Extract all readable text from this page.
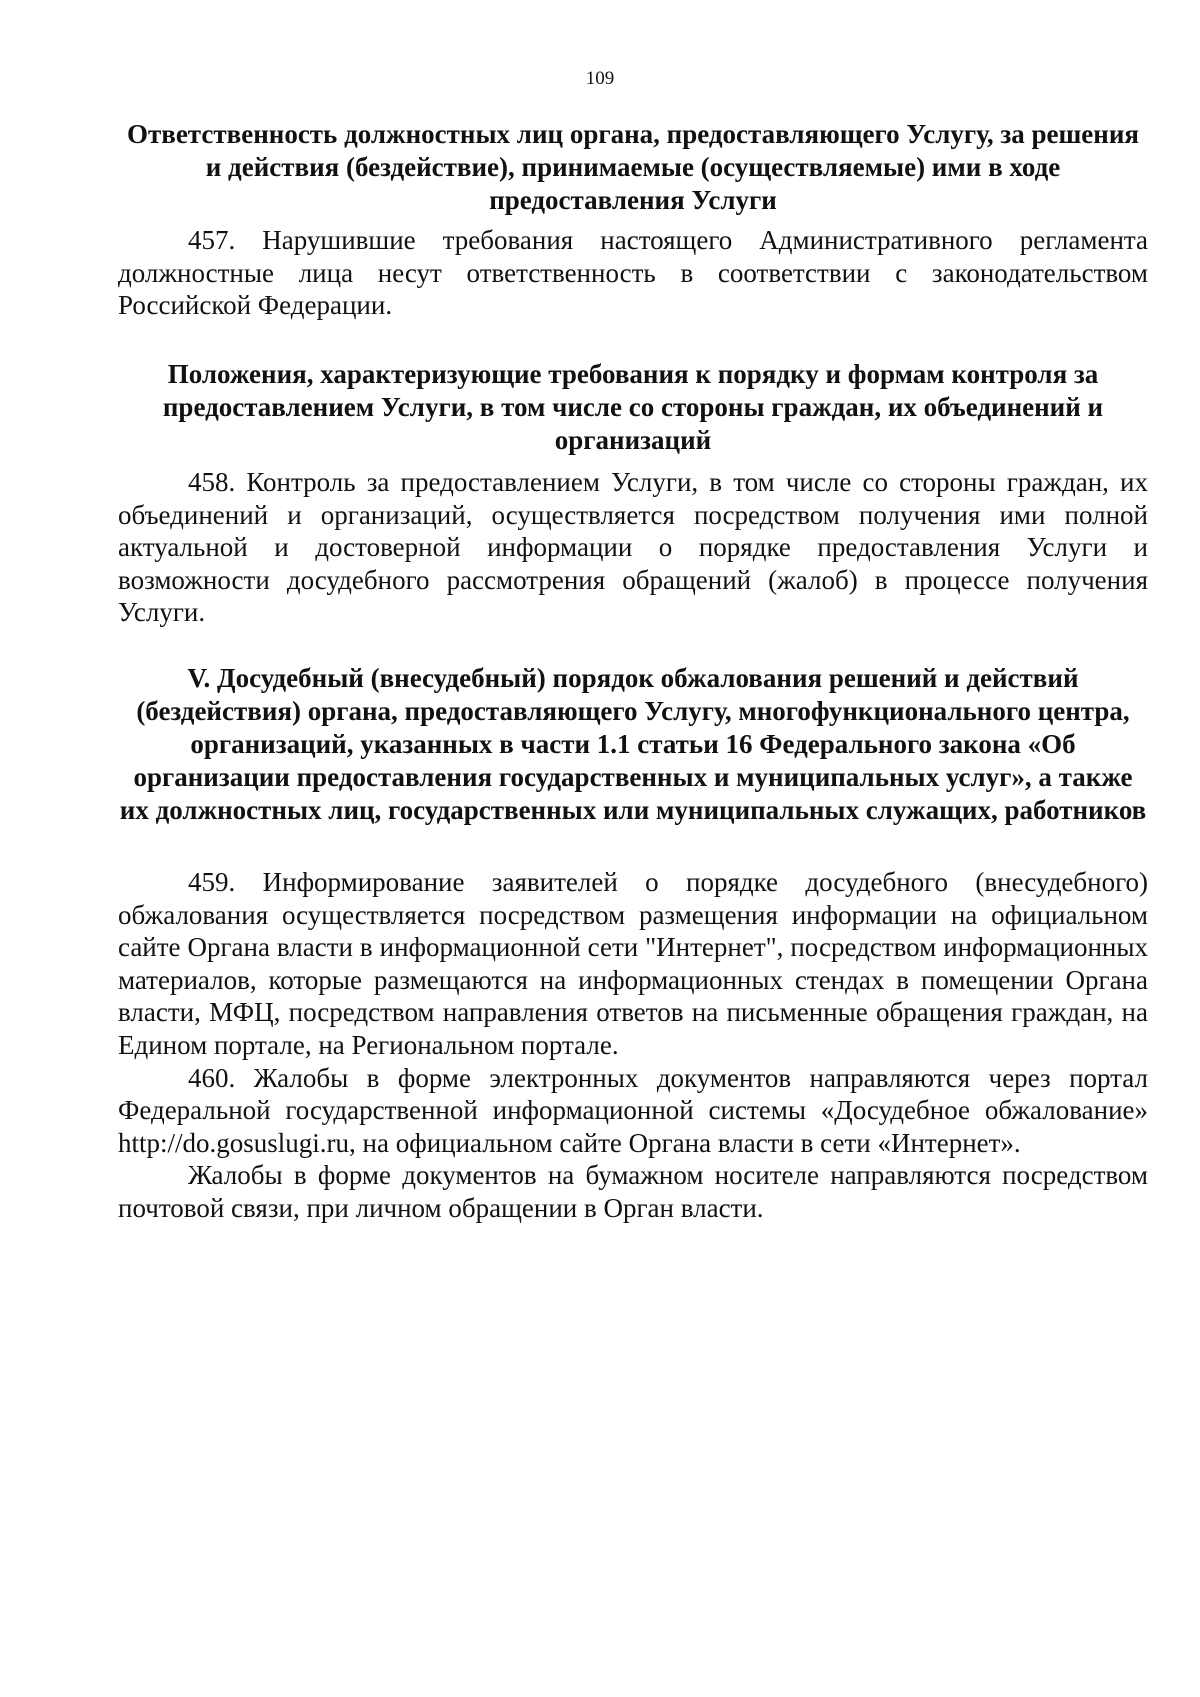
109
Ответственность должностных лиц органа, предоставляющего Услугу, за решения и действия (бездействие), принимаемые (осуществляемые) ими в ходе предоставления Услуги

457. Нарушившие требования настоящего Административного регламента должностные лица несут ответственность в соответствии с законодательством Российской Федерации.

Положения, характеризующие требования к порядку и формам контроля за предоставлением Услуги, в том числе со стороны граждан, их объединений и организаций

458. Контроль за предоставлением Услуги, в том числе со стороны граждан, их объединений и организаций, осуществляется посредством получения ими полной актуальной и достоверной информации о порядке предоставления Услуги и возможности досудебного рассмотрения обращений (жалоб) в процессе получения Услуги.

V. Досудебный (внесудебный) порядок обжалования решений и действий (бездействия) органа, предоставляющего Услугу, многофункционального центра, организаций, указанных в части 1.1 статьи 16 Федерального закона «Об организации предоставления государственных и муниципальных услуг», а также их должностных лиц, государственных или муниципальных служащих, работников

459. Информирование заявителей о порядке досудебного (внесудебного) обжалования осуществляется посредством размещения информации на официальном сайте Органа власти в информационной сети "Интернет", посредством информационных материалов, которые размещаются на информационных стендах в помещении Органа власти, МФЦ, посредством направления ответов на письменные обращения граждан, на Едином портале, на Региональном портале.

460. Жалобы в форме электронных документов направляются через портал Федеральной государственной информационной системы «Досудебное обжалование» http://do.gosuslugi.ru, на официальном сайте Органа власти в сети «Интернет».

Жалобы в форме документов на бумажном носителе направляются посредством почтовой связи, при личном обращении в Орган власти.
